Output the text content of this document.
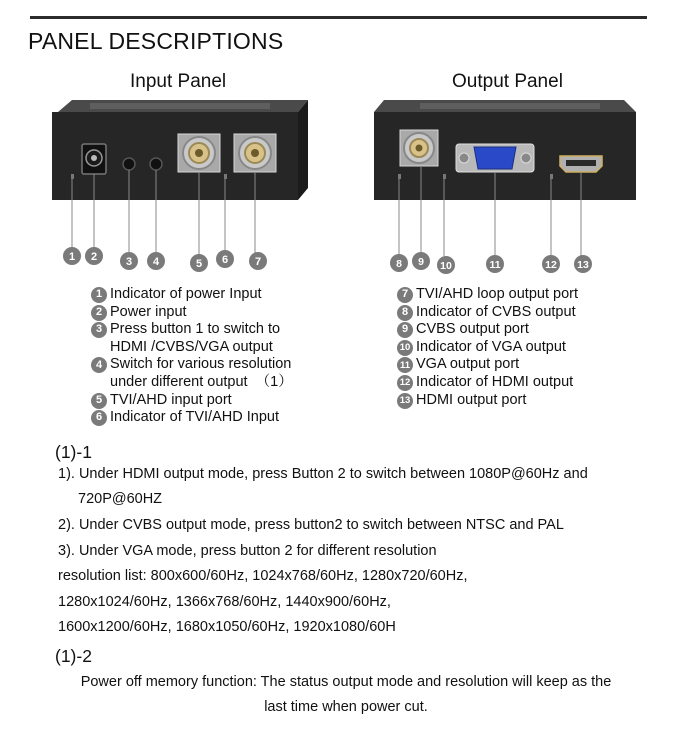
PANEL DESCRIPTIONS
Input Panel	Output Panel
1 2	3 4	5 6 7	8 9 10	11	12 13
1 Indicator of power Input
2 Power input
3 Press button 1 to switch to
HDMI /CVBS/VGA output
4 Switch for various resolution
under different output  （1）
5 TVI/AHD input port
6 Indicator of TVI/AHD Input
7 TVI/AHD loop output port
8 Indicator of CVBS output
9 CVBS output port
10 Indicator of VGA output
11 VGA output port
12 Indicator of HDMI output
13 HDMI output port
(1)-1
1). Under HDMI output mode, press Button 2 to switch between 1080P@60Hz and
720P@60HZ
2). Under CVBS output mode, press button2 to switch between NTSC and PAL
3). Under VGA mode, press button 2 for different resolution
resolution list: 800x600/60Hz, 1024x768/60Hz, 1280x720/60Hz,
1280x1024/60Hz, 1366x768/60Hz, 1440x900/60Hz,
1600x1200/60Hz, 1680x1050/60Hz, 1920x1080/60H
(1)-2
Power off memory function: The status output mode and resolution will keep as the
last time when power cut.
